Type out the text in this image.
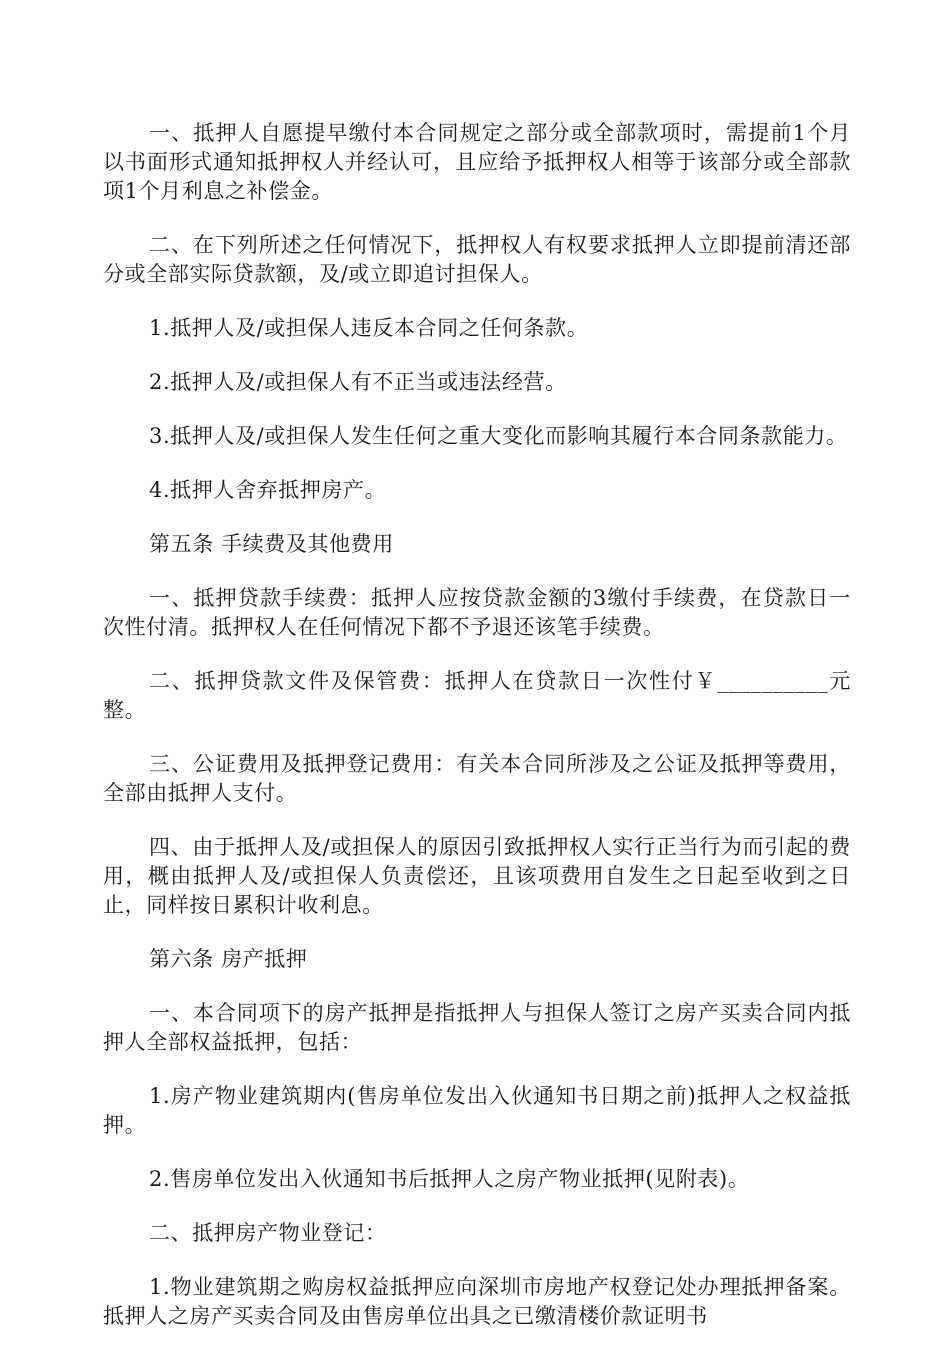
一、抵押人自愿提早缴付本合同规定之部分或全部款项时，需提前1个月以书面形式通知抵押权人并经认可，且应给予抵押权人相等于该部分或全部款项1个月利息之补偿金。

二、在下列所述之任何情况下，抵押权人有权要求抵押人立即提前清还部分或全部实际贷款额，及/或立即追讨担保人。

1.抵押人及/或担保人违反本合同之任何条款。

2.抵押人及/或担保人有不正当或违法经营。

3.抵押人及/或担保人发生任何之重大变化而影响其履行本合同条款能力。

4.抵押人舍弃抵押房产。

第五条 手续费及其他费用

一、抵押贷款手续费：抵押人应按贷款金额的3缴付手续费，在贷款日一次性付清。抵押权人在任何情况下都不予退还该笔手续费。

二、抵押贷款文件及保管费：抵押人在贷款日一次性付￥__________元整。

三、公证费用及抵押登记费用：有关本合同所涉及之公证及抵押等费用，全部由抵押人支付。

四、由于抵押人及/或担保人的原因引致抵押权人实行正当行为而引起的费用，概由抵押人及/或担保人负责偿还，且该项费用自发生之日起至收到之日止，同样按日累积计收利息。

第六条 房产抵押

一、本合同项下的房产抵押是指抵押人与担保人签订之房产买卖合同内抵押人全部权益抵押，包括：

1.房产物业建筑期内(售房单位发出入伙通知书日期之前)抵押人之权益抵押。

2.售房单位发出入伙通知书后抵押人之房产物业抵押(见附表)。

二、抵押房产物业登记：

1.物业建筑期之购房权益抵押应向深圳市房地产权登记处办理抵押备案。抵押人之房产买卖合同及由售房单位出具之已缴清楼价款证明书
